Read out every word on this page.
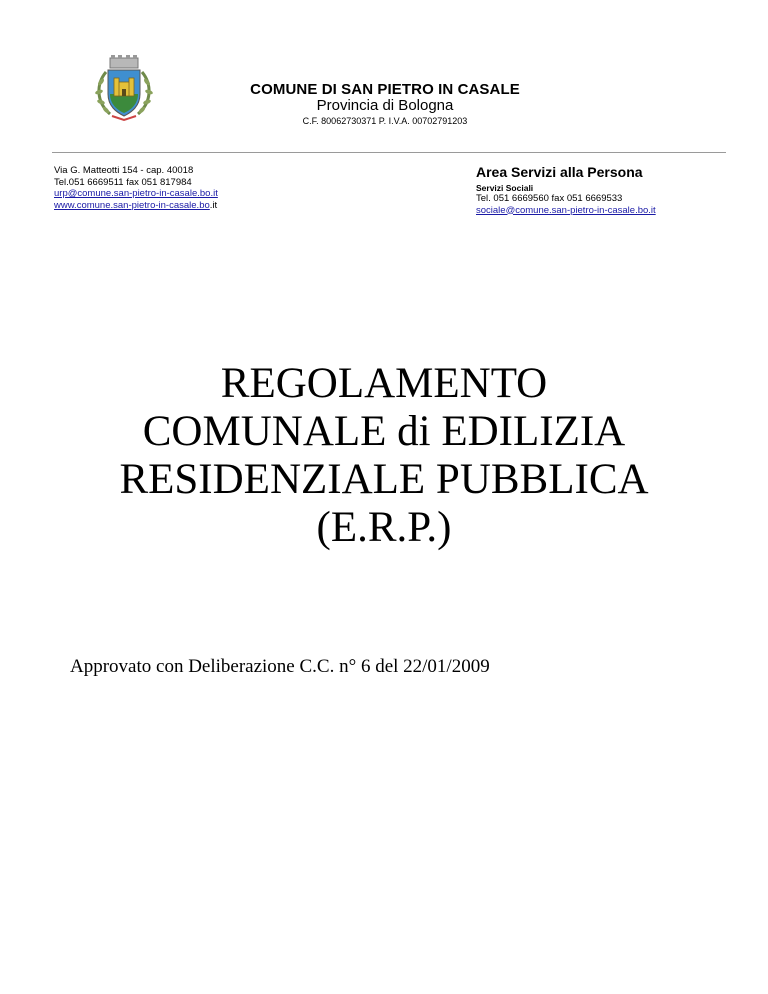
COMUNE DI SAN PIETRO IN CASALE
Provincia di Bologna
C.F. 80062730371 P. I.V.A. 00702791203
Via G. Matteotti 154 - cap. 40018
Tel.051 6669511 fax 051 817984
urp@comune.san-pietro-in-casale.bo.it
www.comune.san-pietro-in-casale.bo.it
Area Servizi alla Persona
Servizi Sociali
Tel. 051 6669560 fax 051 6669533
sociale@comune.san-pietro-in-casale.bo.it
REGOLAMENTO
COMUNALE di EDILIZIA
RESIDENZIALE PUBBLICA
(E.R.P.)
Approvato con Deliberazione C.C. n° 6 del 22/01/2009
